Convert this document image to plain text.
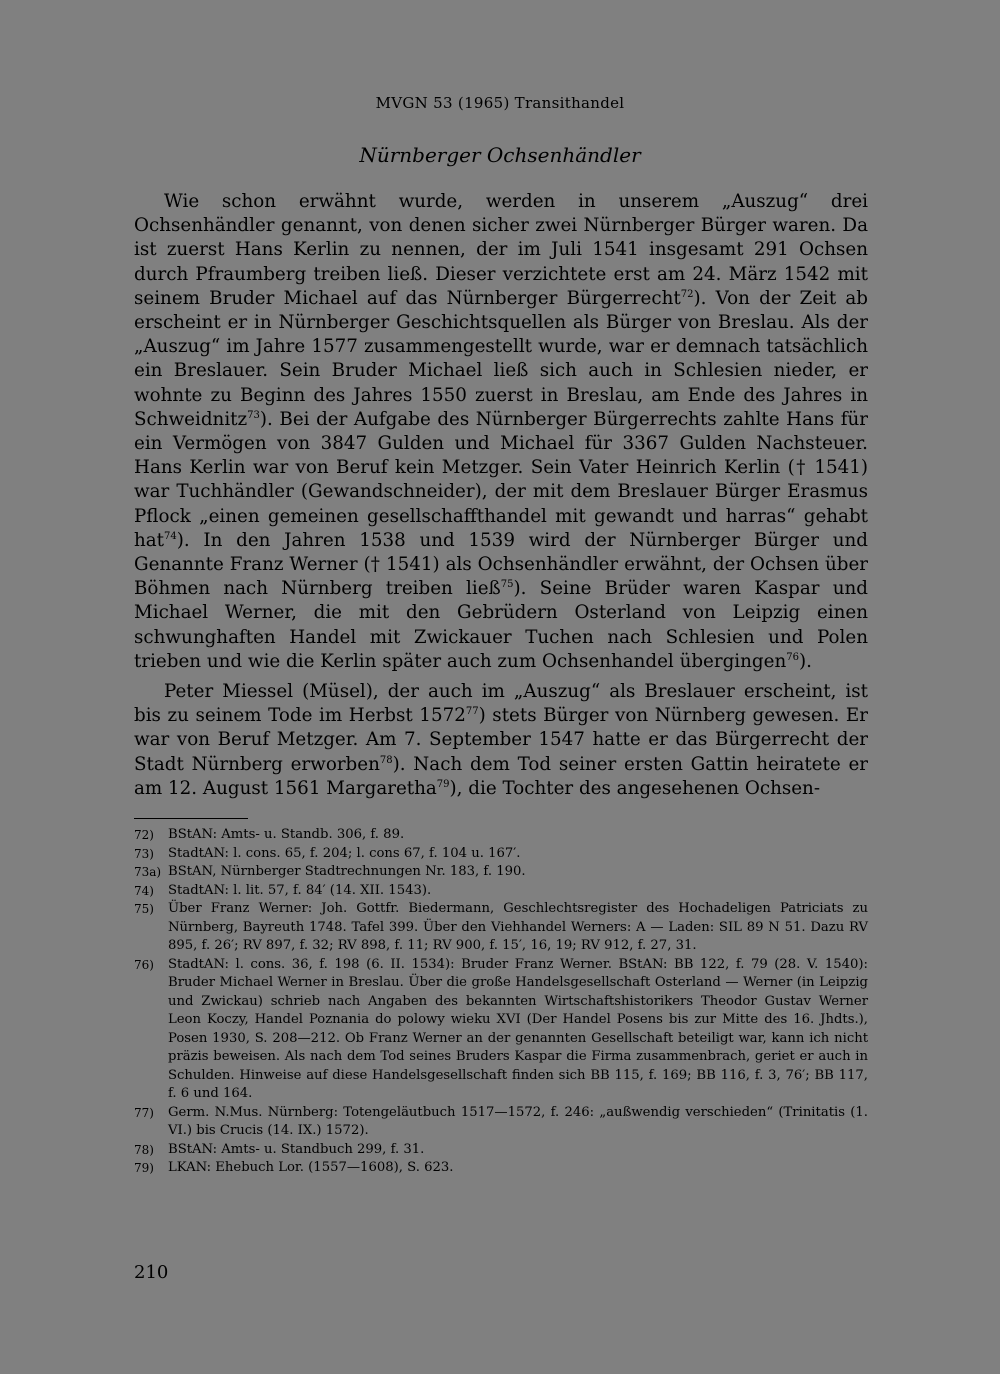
MVGN 53 (1965) Transithandel
Nürnberger Ochsenhändler

Wie schon erwähnt wurde, werden in unserem „Auszug“ drei Ochsenhändler genannt, von denen sicher zwei Nürnberger Bürger waren. Da ist zuerst Hans Kerlin zu nennen, der im Juli 1541 insgesamt 291 Ochsen durch Pfraumberg treiben ließ. Dieser verzichtete erst am 24. März 1542 mit seinem Bruder Michael auf das Nürnberger Bürgerrecht$^{72}$). Von der Zeit ab erscheint er in Nürnberger Geschichtsquellen als Bürger von Breslau. Als der „Auszug“ im Jahre 1577 zusammengestellt wurde, war er demnach tatsächlich ein Breslauer. Sein Bruder Michael ließ sich auch in Schlesien nieder, er wohnte zu Beginn des Jahres 1550 zuerst in Breslau, am Ende des Jahres in Schweidnitz$^{73}$). Bei der Aufgabe des Nürnberger Bürgerrechts zahlte Hans für ein Vermögen von 3847 Gulden und Michael für 3367 Gulden Nachsteuer. Hans Kerlin war von Beruf kein Metzger. Sein Vater Heinrich Kerlin († 1541) war Tuchhändler (Gewandschneider), der mit dem Breslauer Bürger Erasmus Pflock „einen gemeinen gesellschaffthandel mit gewandt und harras“ gehabt hat$^{74}$). In den Jahren 1538 und 1539 wird der Nürnberger Bürger und Genannte Franz Werner († 1541) als Ochsenhändler erwähnt, der Ochsen über Böhmen nach Nürnberg treiben ließ$^{75}$). Seine Brüder waren Kaspar und Michael Werner, die mit den Gebrüdern Osterland von Leipzig einen schwunghaften Handel mit Zwickauer Tuchen nach Schlesien und Polen trieben und wie die Kerlin später auch zum Ochsenhandel übergingen$^{76}$).

Peter Miessel (Müsel), der auch im „Auszug“ als Breslauer erscheint, ist bis zu seinem Tode im Herbst 1572$^{77}$) stets Bürger von Nürnberg gewesen. Er war von Beruf Metzger. Am 7. September 1547 hatte er das Bürgerrecht der Stadt Nürnberg erworben$^{78}$). Nach dem Tod seiner ersten Gattin heiratete er am 12. August 1561 Margaretha$^{79}$), die Tochter des angesehenen Ochsen-

72)	BStAN: Amts- u. Standb. 306, f. 89.
73)	StadtAN: l. cons. 65, f. 204; l. cons 67, f. 104 u. 167′.
73a) BStAN, Nürnberger Stadtrechnungen Nr. 183, f. 190.
74)	StadtAN: l. lit. 57, f. 84′ (14. XII. 1543).
75)	Über Franz Werner: Joh. Gottfr. Biedermann, Geschlechtsregister des Hochadeligen Patriciats zu Nürnberg, Bayreuth 1748. Tafel 399. Über den Viehhandel Werners: A — Laden: SIL 89 N 51. Dazu RV 895, f. 26′; RV 897, f. 32; RV 898, f. 11; RV 900, f. 15′, 16, 19; RV 912, f. 27, 31.
76)	StadtAN: l. cons. 36, f. 198 (6. II. 1534): Bruder Franz Werner. BStAN: BB 122, f. 79 (28. V. 1540): Bruder Michael Werner in Breslau. Über die große Handelsgesellschaft Osterland — Werner (in Leipzig und Zwickau) schrieb nach Angaben des bekannten Wirtschaftshistorikers Theodor Gustav Werner Leon Koczy, Handel Poznania do polowy wieku XVI (Der Handel Posens bis zur Mitte des 16. Jhdts.), Posen 1930, S. 208—212. Ob Franz Werner an der genannten Gesellschaft beteiligt war, kann ich nicht präzis beweisen. Als nach dem Tod seines Bruders Kaspar die Firma zusammenbrach, geriet er auch in Schulden. Hinweise auf diese Handelsgesellschaft finden sich BB 115, f. 169; BB 116, f. 3, 76′; BB 117, f. 6 und 164.
77)	Germ. N.Mus. Nürnberg: Totengeläutbuch 1517—1572, f. 246: „außwendig verschieden“ (Trinitatis (1. VI.) bis Crucis (14. IX.) 1572).
78)	BStAN: Amts- u. Standbuch 299, f. 31.
79)	LKAN: Ehebuch Lor. (1557—1608), S. 623.
210
